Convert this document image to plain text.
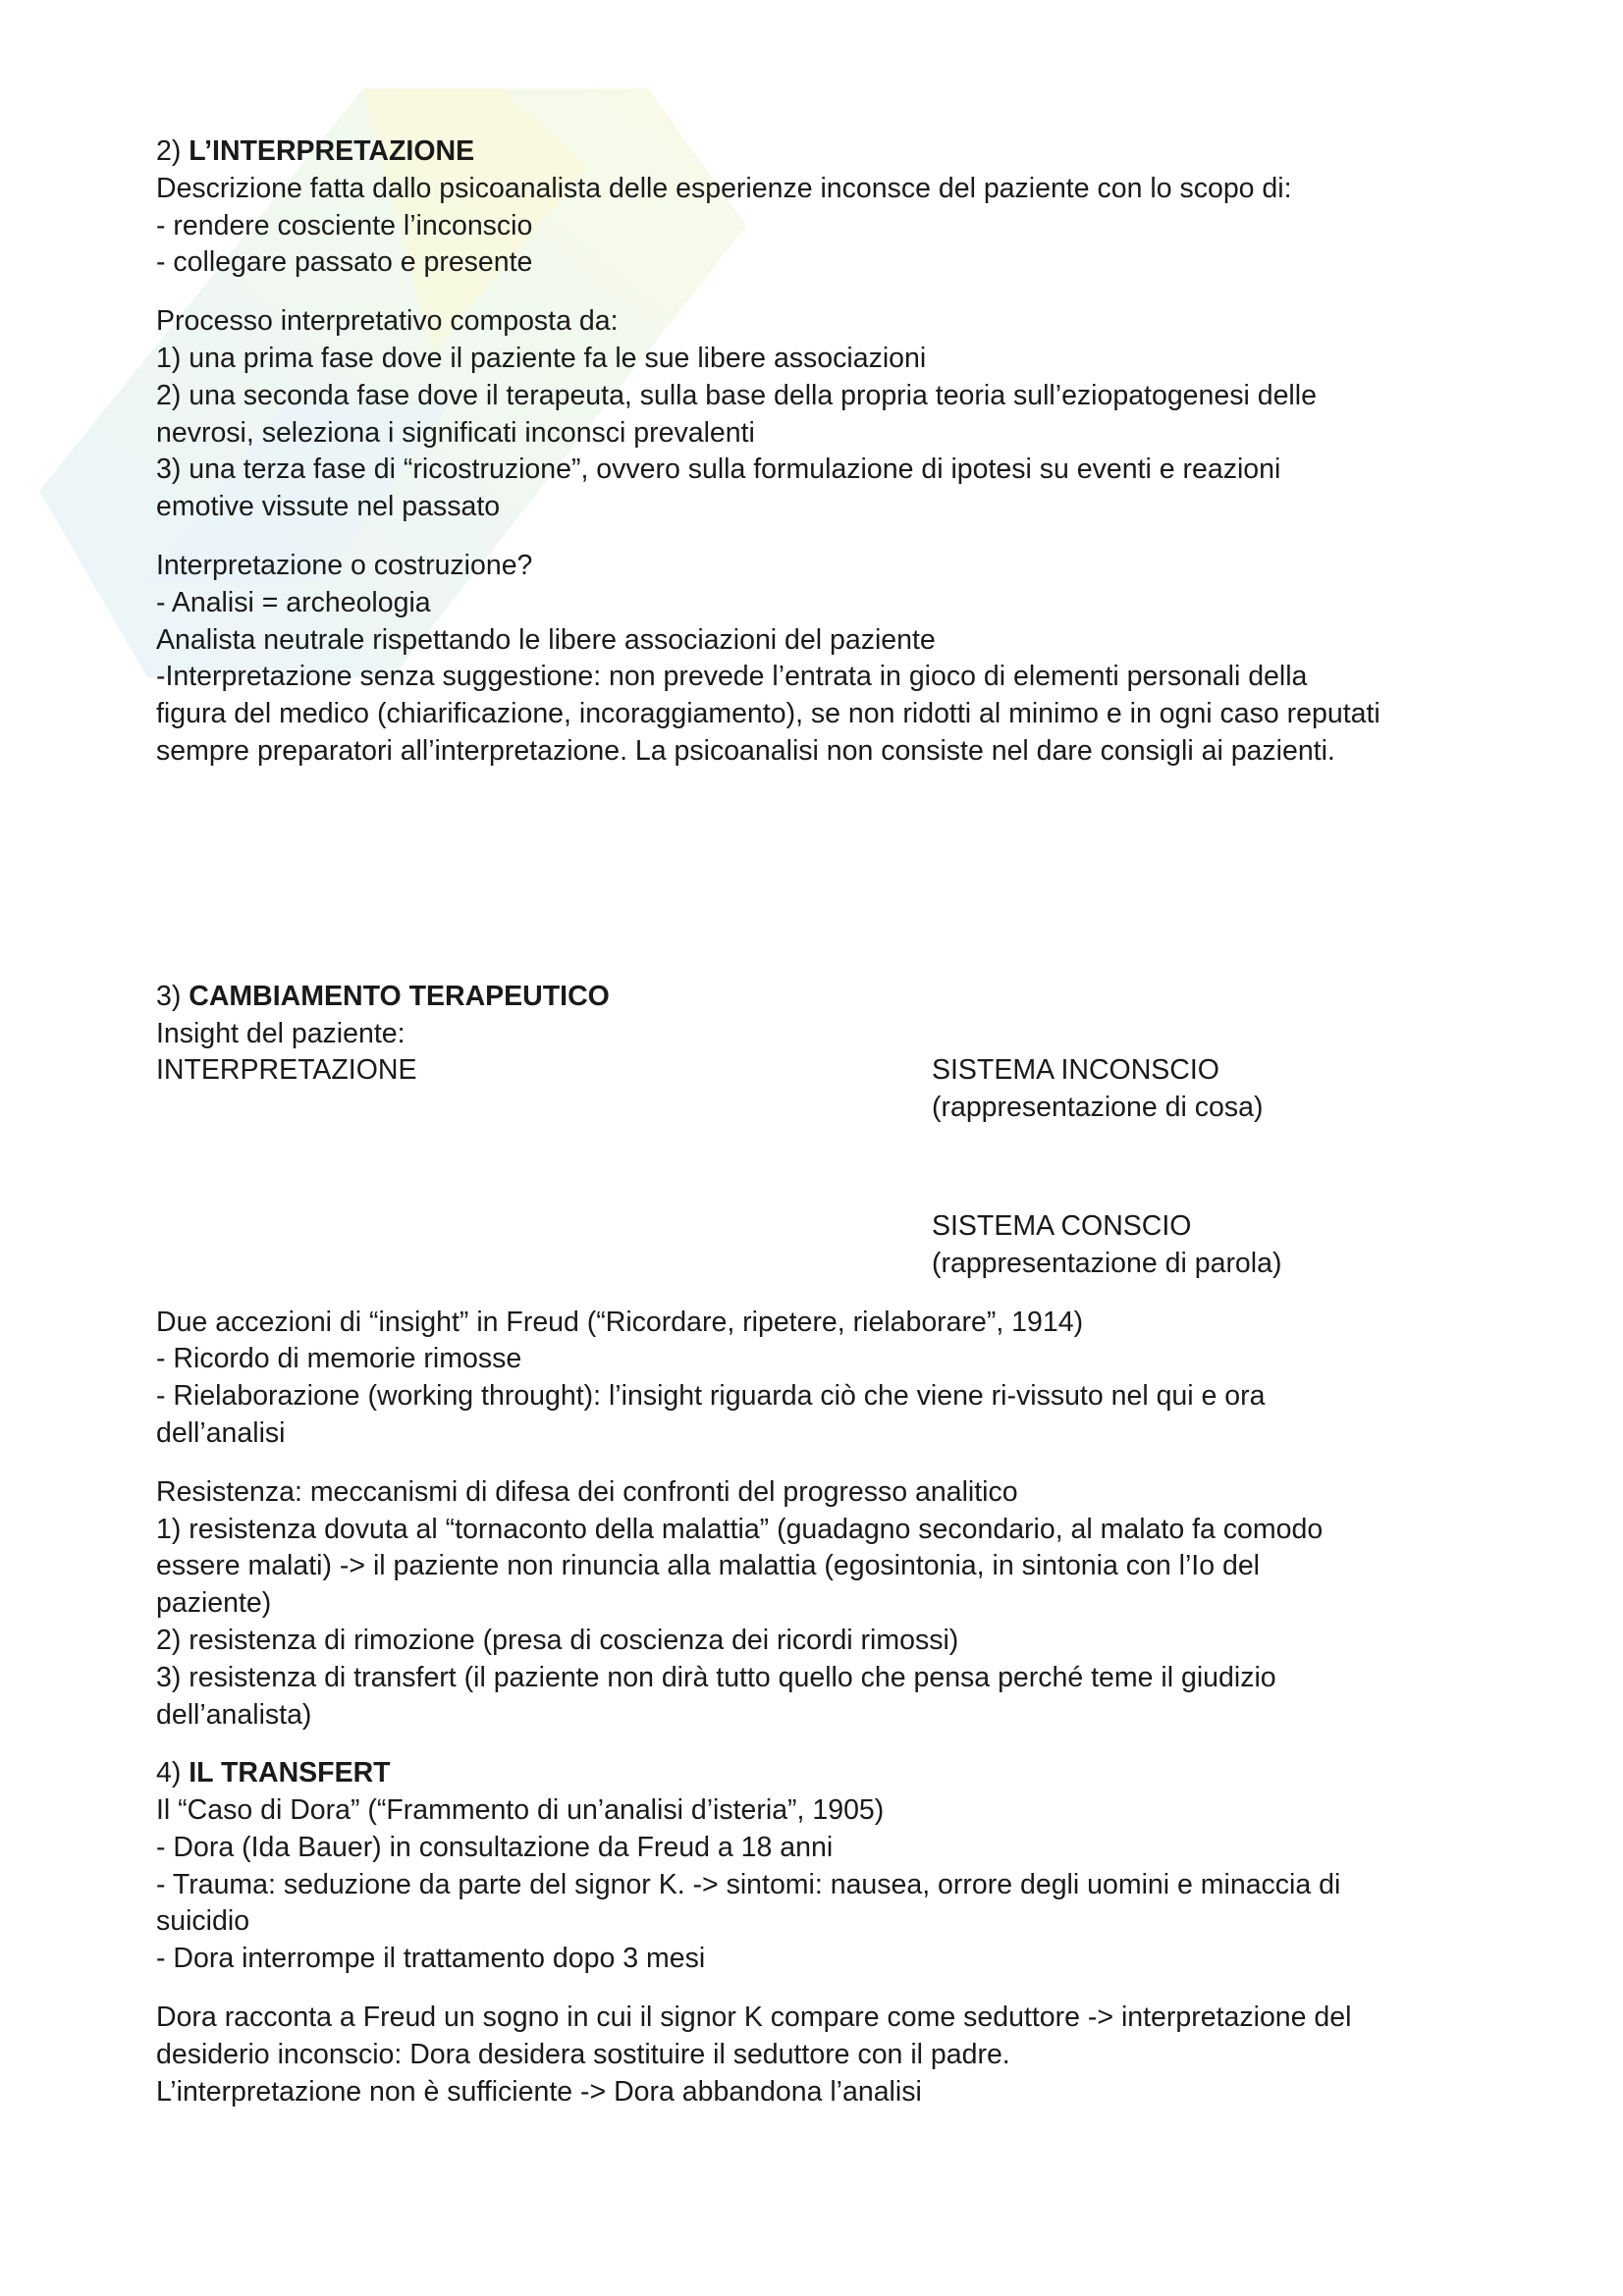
2) L’INTERPRETAZIONE
Descrizione fatta dallo psicoanalista delle esperienze inconsce del paziente con lo scopo di:
- rendere cosciente l’inconscio
- collegare passato e presente
Processo interpretativo composta da:
1) una prima fase dove il paziente fa le sue libere associazioni
2) una seconda fase dove il terapeuta, sulla base della propria teoria sull’eziopatogenesi delle
nevrosi, seleziona i significati inconsci prevalenti
3) una terza fase di “ricostruzione”, ovvero sulla formulazione di ipotesi su eventi e reazioni
emotive vissute nel passato
Interpretazione o costruzione?
- Analisi = archeologia
Analista neutrale rispettando le libere associazioni del paziente
-Interpretazione senza suggestione: non prevede l’entrata in gioco di elementi personali della
figura del medico (chiarificazione, incoraggiamento), se non ridotti al minimo e in ogni caso reputati
sempre preparatori all’interpretazione. La psicoanalisi non consiste nel dare consigli ai pazienti.
3) CAMBIAMENTO TERAPEUTICO
Insight del paziente:
INTERPRETAZIONE	SISTEMA INCONSCIO
(rappresentazione di cosa)
SISTEMA CONSCIO
(rappresentazione di parola)
Due accezioni di “insight” in Freud (“Ricordare, ripetere, rielaborare”, 1914)
- Ricordo di memorie rimosse
- Rielaborazione (working throught): l’insight riguarda ciò che viene ri-vissuto nel qui e ora
dell’analisi
Resistenza: meccanismi di difesa dei confronti del progresso analitico
1) resistenza dovuta al “tornaconto della malattia” (guadagno secondario, al malato fa comodo
essere malati) -> il paziente non rinuncia alla malattia (egosintonia, in sintonia con l’Io del
paziente)
2) resistenza di rimozione (presa di coscienza dei ricordi rimossi)
3) resistenza di transfert (il paziente non dirà tutto quello che pensa perché teme il giudizio
dell’analista)
4) IL TRANSFERT
Il “Caso di Dora” (“Frammento di un’analisi d’isteria”, 1905)
- Dora (Ida Bauer) in consultazione da Freud a 18 anni
- Trauma: seduzione da parte del signor K. -> sintomi: nausea, orrore degli uomini e minaccia di
suicidio
- Dora interrompe il trattamento dopo 3 mesi
Dora racconta a Freud un sogno in cui il signor K compare come seduttore -> interpretazione del
desiderio inconscio: Dora desidera sostituire il seduttore con il padre.
L’interpretazione non è sufficiente -> Dora abbandona l’analisi
